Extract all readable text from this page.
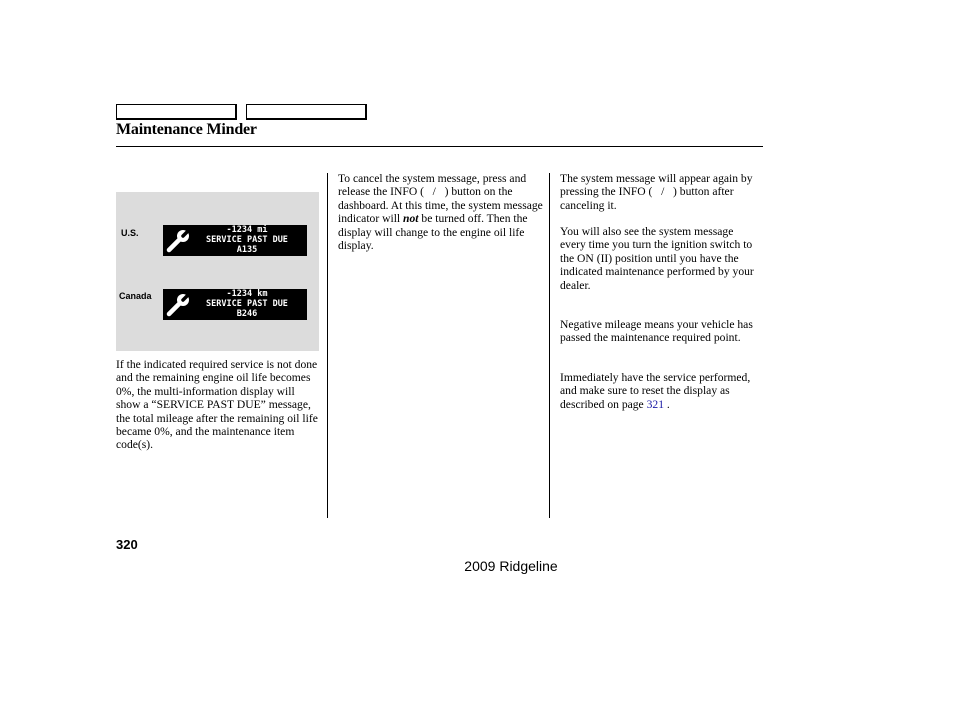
Maintenance Minder
U.S.	-1234 mi
SERVICE PAST DUE
A135
Canada	-1234 km
SERVICE PAST DUE
B246

If the indicated required service is not done and the remaining engine oil life becomes 0%, the multi-information display will show a “SERVICE PAST DUE” message, the total mileage after the remaining oil life became 0%, and the maintenance item code(s).

To cancel the system message, press and release the INFO (   /   ) button on the dashboard. At this time, the system message indicator will not be turned off. Then the display will change to the engine oil life display.

The system message will appear again by pressing the INFO (   /   ) button after canceling it.

You will also see the system message every time you turn the ignition switch to the ON (II) position until you have the indicated maintenance performed by your dealer.

Negative mileage means your vehicle has passed the maintenance required point.

Immediately have the service performed, and make sure to reset the display as described on page 321 .

320
2009 Ridgeline
